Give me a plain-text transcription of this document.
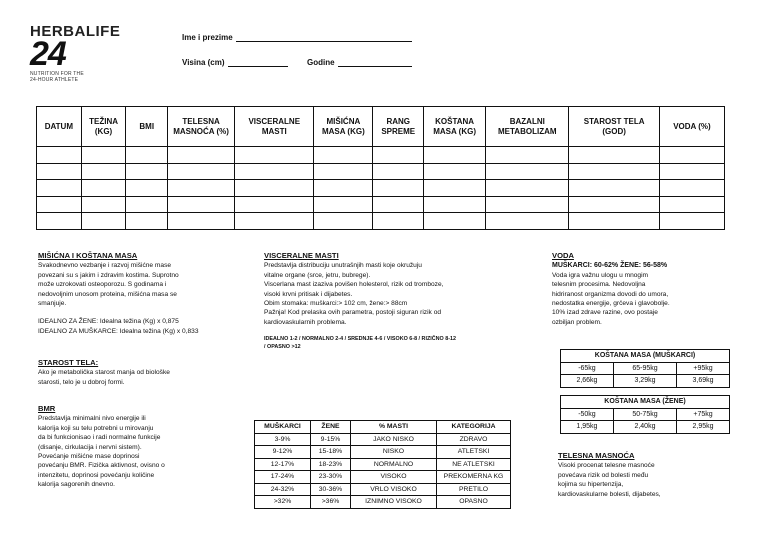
HERBALIFE
24
NUTRITION FOR THE
24-HOUR ATHLETE
Ime i prezime
Visina (cm)	Godine
DATUM	TEŽINA (KG)	BMI	TELESNA MASNOĆA (%)	VISCERALNE MASTI	MIŠIĆNA MASA (KG)	RANG SPREME	KOŠTANA MASA (KG)	BAZALNI METABOLIZAM	STAROST TELA (GOD)	VODA (%)

MIŠIĆNA I KOŠTANA MASA

Svakodnevno vezbanje i razvoj mišićne mase

povezani su s jakim i zdravim kostima. Suprotno

može uzrokovati osteoporozu. S godinama i

nedovoljnim unosom proteina, mišićna masa se

smanjuje.

IDEALNO ZA ŽENE: Idealna težina (Kg) x 0,875

IDEALNO ZA MUŠKARCE: Idealna težina (Kg) x 0,833

STAROST TELA:

Ako je metabolička starost manja od biološke

starosti, telo je u dobroj formi.

BMR

Predstavlja minimalni nivo energije ili

kalorija koji su telu potrebni u mirovanju

da bi funkcionisao i radi normalne funkcije

(disanje, cirkulacija i nervni sistem).

Povećanje mišićne mase doprinosi

povećanju BMR. Fizička aktivnost, ovisno o

intenzitetu, doprinosi povećanju količine

kalorija sagorenih dnevno.

VISCERALNE MASTI

Predstavlja distribuciju unutrašnjih masti koje okružuju

vitalne organe (srce, jetru, bubrege).

Viscerlana mast izaziva povišen holesterol, rizik od tromboze,

visoki krvni pritisak i dijabetes.

Obim stomaka: muškarci:> 102 cm, žene:> 88cm

Pažnja! Kod prelaska ovih parametra, postoji siguran rizik od

kardiovaskularnih problema.

IDEALNO 1-2 / NORMALNO 2-4 / SREDNJE 4-6 / VISOKO 6-8 / RIZIČNO 8-12

/ OPASNO >12

MUŠKARCI	ŽENE	% MASTI	KATEGORIJA
3-9%	9-15%	JAKO NISKO	ZDRAVO
9-12%	15-18%	NISKO	ATLETSKI
12-17%	18-23%	NORMALNO	NE ATLETSKI
17-24%	23-30%	VISOKO	PREKOMERNA KG
24-32%	30-36%	VRLO VISOKO	PRETILO
>32%	>36%	IZNIMNO VISOKO	OPASNO
VODA

MUŠKARCI: 60-62% ŽENE: 56-58%

Voda igra važnu ulogu u mnogim

telesnim procesima. Nedovoljna

hidriranost organizma dovodi do umora,

nedostatka energije, grčeva i glavobolje.

10% izad zdrave razine, ovo postaje

ozbiljan problem.

KOŠTANA MASA (MUŠKARCI)		
-65kg	65-95kg	+95kg
2,66kg	3,29kg	3,69kg
KOŠTANA MASA (ŽENE)		
-50kg	50-75kg	+75kg
1,95kg	2,40kg	2,95kg
TELESNA MASNOĆA

Visoki procenat telesne masnoće

povećava rizik od bolesti među

kojima su hipertenzija,

kardiovaskularne bolesti, dijabetes,
